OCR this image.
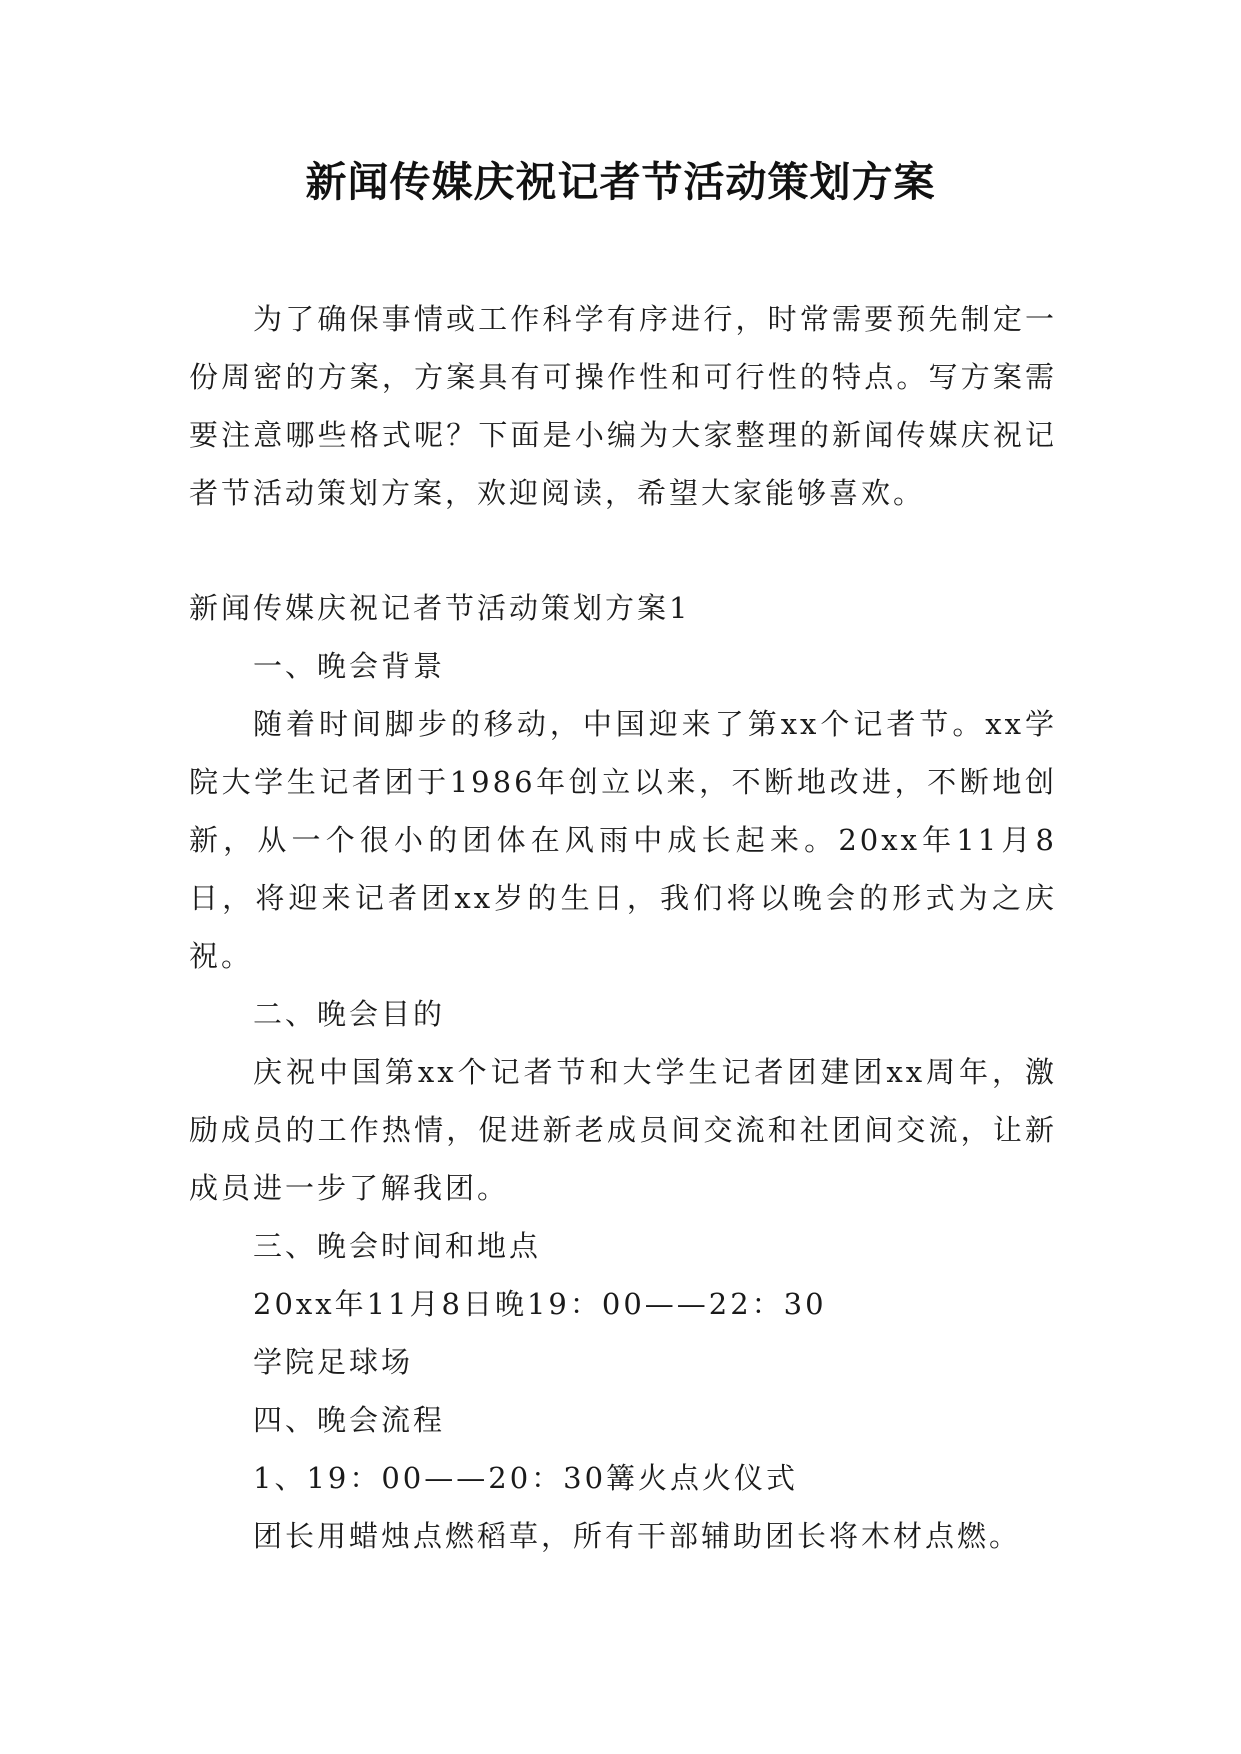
新闻传媒庆祝记者节活动策划方案

为了确保事情或工作科学有序进行，时常需要预先制定一份周密的方案，方案具有可操作性和可行性的特点。写方案需要注意哪些格式呢？下面是小编为大家整理的新闻传媒庆祝记者节活动策划方案，欢迎阅读，希望大家能够喜欢。

新闻传媒庆祝记者节活动策划方案1

一、晚会背景

随着时间脚步的移动，中国迎来了第xx个记者节。xx学院大学生记者团于1986年创立以来，不断地改进，不断地创新，从一个很小的团体在风雨中成长起来。20xx年11月8日，将迎来记者团xx岁的生日，我们将以晚会的形式为之庆祝。

二、晚会目的

庆祝中国第xx个记者节和大学生记者团建团xx周年，激励成员的工作热情，促进新老成员间交流和社团间交流，让新成员进一步了解我团。

三、晚会时间和地点

20xx年11月8日晚19：00——22：30

学院足球场

四、晚会流程

1、19：00——20：30篝火点火仪式

团长用蜡烛点燃稻草，所有干部辅助团长将木材点燃。
